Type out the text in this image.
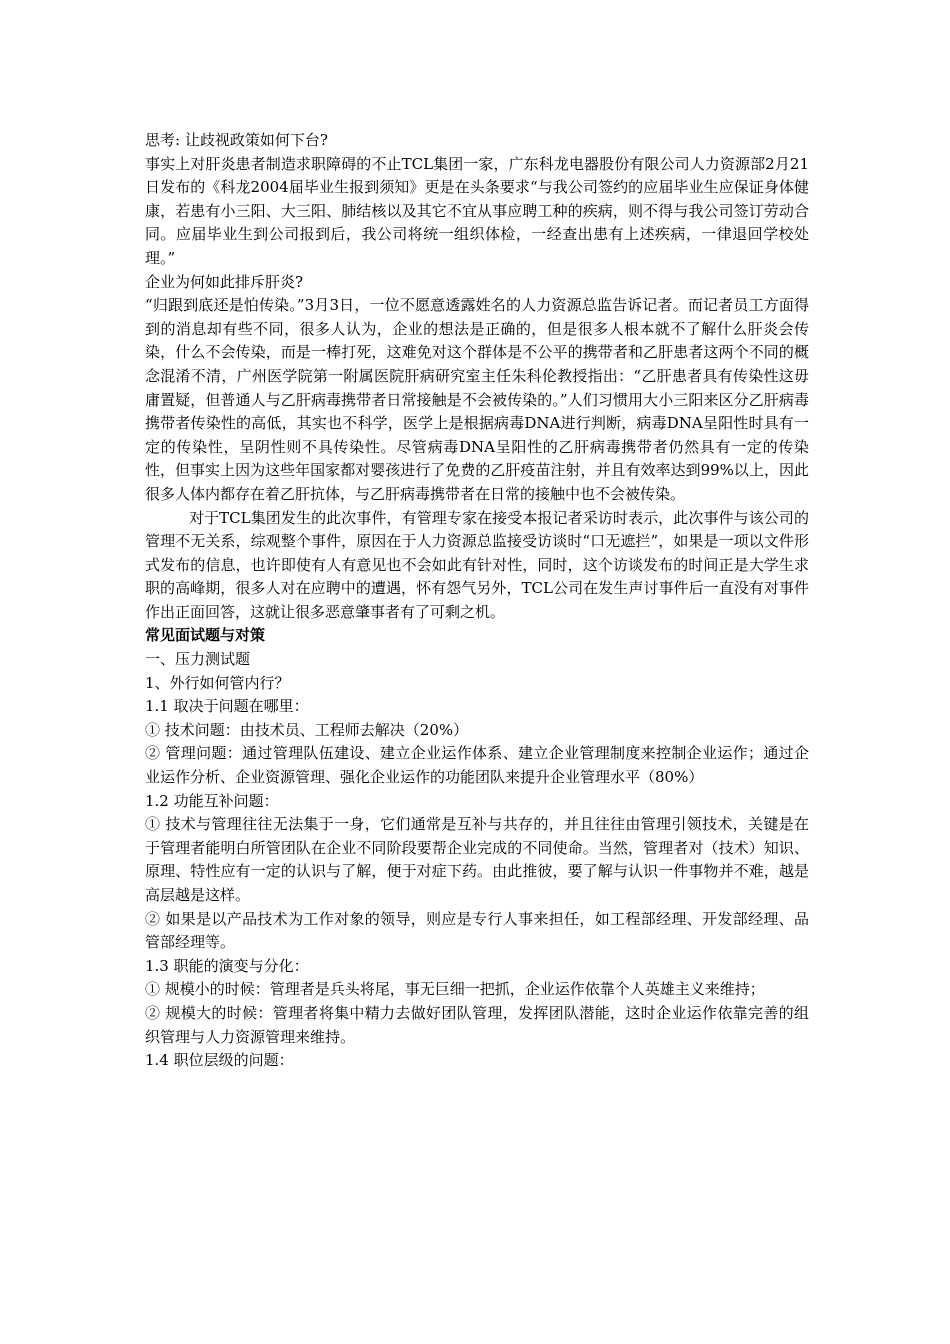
思考: 让歧视政策如何下台?

事实上对肝炎患者制造求职障碍的不止TCL集团一家，广东科龙电器股份有限公司人力资源部2月21日发布的《科龙2004届毕业生报到须知》更是在头条要求“与我公司签约的应届毕业生应保证身体健康，若患有小三阳、大三阳、肺结核以及其它不宜从事应聘工种的疾病，则不得与我公司签订劳动合同。应届毕业生到公司报到后，我公司将统一组织体检，一经查出患有上述疾病，一律退回学校处理。”

企业为何如此排斥肝炎?

“归跟到底还是怕传染。”3月3日，一位不愿意透露姓名的人力资源总监告诉记者。而记者员工方面得到的消息却有些不同，很多人认为，企业的想法是正确的，但是很多人根本就不了解什么肝炎会传染，什么不会传染，而是一棒打死，这难免对这个群体是不公平的携带者和乙肝患者这两个不同的概念混淆不清，广州医学院第一附属医院肝病研究室主任朱科伦教授指出：“乙肝患者具有传染性这毋庸置疑，但普通人与乙肝病毒携带者日常接触是不会被传染的。”人们习惯用大小三阳来区分乙肝病毒携带者传染性的高低，其实也不科学，医学上是根据病毒DNA进行判断，病毒DNA呈阳性时具有一定的传染性，呈阴性则不具传染性。尽管病毒DNA呈阳性的乙肝病毒携带者仍然具有一定的传染性，但事实上因为这些年国家都对婴孩进行了免费的乙肝疫苗注射，并且有效率达到99%以上，因此很多人体内都存在着乙肝抗体，与乙肝病毒携带者在日常的接触中也不会被传染。

对于TCL集团发生的此次事件，有管理专家在接受本报记者采访时表示，此次事件与该公司的管理不无关系，综观整个事件，原因在于人力资源总监接受访谈时“口无遮拦”，如果是一项以文件形式发布的信息，也许即使有人有意见也不会如此有针对性，同时，这个访谈发布的时间正是大学生求职的高峰期，很多人对在应聘中的遭遇，怀有怨气另外，TCL公司在发生声讨事件后一直没有对事件作出正面回答，这就让很多恶意肇事者有了可剩之机。

常见面试题与对策

一、压力测试题

1、外行如何管内行？

1.1 取决于问题在哪里：

① 技术问题：由技术员、工程师去解决（20%）

② 管理问题：通过管理队伍建设、建立企业运作体系、建立企业管理制度来控制企业运作；通过企业运作分析、企业资源管理、强化企业运作的功能团队来提升企业管理水平（80%）

1.2 功能互补问题：

① 技术与管理往往无法集于一身，它们通常是互补与共存的，并且往往由管理引领技术，关键是在于管理者能明白所管团队在企业不同阶段要帮企业完成的不同使命。当然，管理者对（技术）知识、原理、特性应有一定的认识与了解，便于对症下药。由此推彼，要了解与认识一件事物并不难，越是高层越是这样。

② 如果是以产品技术为工作对象的领导，则应是专行人事来担任，如工程部经理、开发部经理、品管部经理等。

1.3 职能的演变与分化：

① 规模小的时候：管理者是兵头将尾，事无巨细一把抓，企业运作依靠个人英雄主义来维持；

② 规模大的时候：管理者将集中精力去做好团队管理，发挥团队潜能，这时企业运作依靠完善的组织管理与人力资源管理来维持。

1.4 职位层级的问题：
